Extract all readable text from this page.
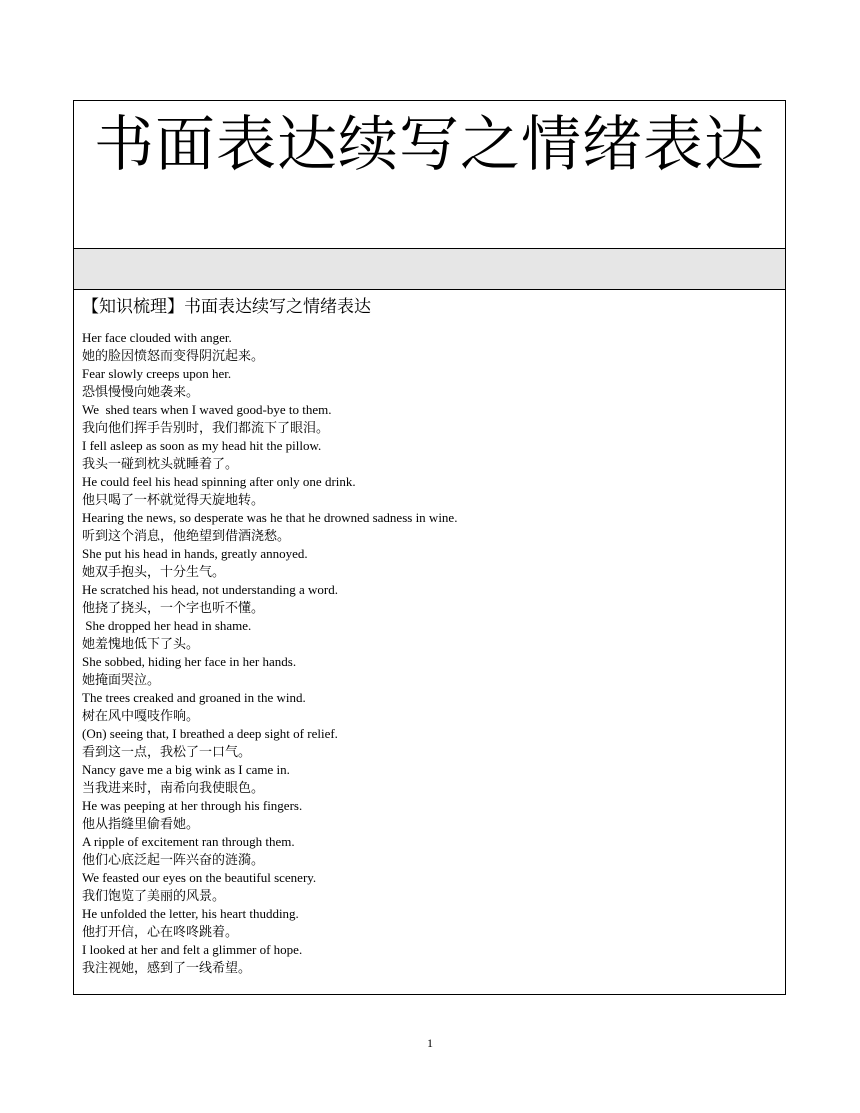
书面表达续写之情绪表达
【知识梳理】书面表达续写之情绪表达
Her face clouded with anger.
她的脸因愤怒而变得阴沉起来。
Fear slowly creeps upon her.
恐惧慢慢向她袭来。
We  shed tears when I waved good-bye to them.
我向他们挥手告别时，我们都流下了眼泪。
I fell asleep as soon as my head hit the pillow.
我头一碰到枕头就睡着了。
He could feel his head spinning after only one drink.
他只喝了一杯就觉得天旋地转。
Hearing the news, so desperate was he that he drowned sadness in wine.
听到这个消息，他绝望到借酒浇愁。
She put his head in hands, greatly annoyed.
她双手抱头，十分生气。
He scratched his head, not understanding a word.
他挠了挠头，一个字也听不懂。
She dropped her head in shame.
她羞愧地低下了头。
She sobbed, hiding her face in her hands.
她掩面哭泣。
The trees creaked and groaned in the wind.
树在风中嘎吱作响。
(On) seeing that, I breathed a deep sight of relief.
看到这一点，我松了一口气。
Nancy gave me a big wink as I came in.
当我进来时，南希向我使眼色。
He was peeping at her through his fingers.
他从指缝里偷看她。
A ripple of excitement ran through them.
他们心底泛起一阵兴奋的涟漪。
We feasted our eyes on the beautiful scenery.
我们饱览了美丽的风景。
He unfolded the letter, his heart thudding.
他打开信，心在咚咚跳着。
I looked at her and felt a glimmer of hope.
我注视她，感到了一线希望。
1
